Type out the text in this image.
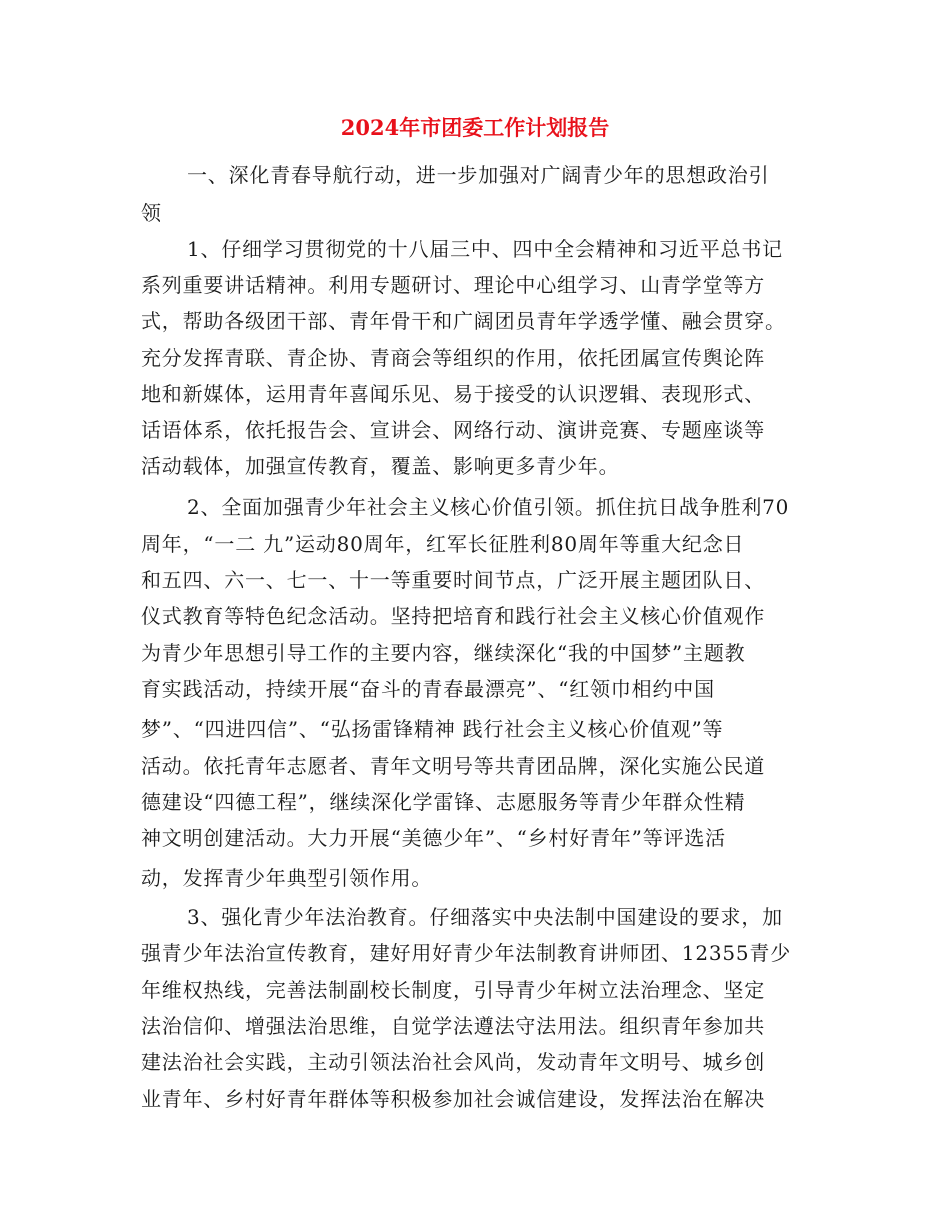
2024年市团委工作计划报告
一、深化青春导航行动，进一步加强对广阔青少年的思想政治引
领
1、仔细学习贯彻党的十八届三中、四中全会精神和习近平总书记
系列重要讲话精神。利用专题研讨、理论中心组学习、山青学堂等方
式，帮助各级团干部、青年骨干和广阔团员青年学透学懂、融会贯穿。
充分发挥青联、青企协、青商会等组织的作用，依托团属宣传舆论阵
地和新媒体，运用青年喜闻乐见、易于接受的认识逻辑、表现形式、
话语体系，依托报告会、宣讲会、网络行动、演讲竞赛、专题座谈等
活动载体，加强宣传教育，覆盖、影响更多青少年。
2、全面加强青少年社会主义核心价值引领。抓住抗日战争胜利70
周年，“一二 九”运动80周年，红军长征胜利80周年等重大纪念日
和五四、六一、七一、十一等重要时间节点，广泛开展主题团队日、
仪式教育等特色纪念活动。坚持把培育和践行社会主义核心价值观作
为青少年思想引导工作的主要内容，继续深化“我的中国梦”主题教
育实践活动，持续开展“奋斗的青春最漂亮”、“红领巾相约中国
梦”、“四进四信”、“弘扬雷锋精神 践行社会主义核心价值观”等
活动。依托青年志愿者、青年文明号等共青团品牌，深化实施公民道
德建设“四德工程”，继续深化学雷锋、志愿服务等青少年群众性精
神文明创建活动。大力开展“美德少年”、“乡村好青年”等评选活
动，发挥青少年典型引领作用。
3、强化青少年法治教育。仔细落实中央法制中国建设的要求，加
强青少年法治宣传教育，建好用好青少年法制教育讲师团、12355青少
年维权热线，完善法制副校长制度，引导青少年树立法治理念、坚定
法治信仰、增强法治思维，自觉学法遵法守法用法。组织青年参加共
建法治社会实践，主动引领法治社会风尚，发动青年文明号、城乡创
业青年、乡村好青年群体等积极参加社会诚信建设，发挥法治在解决
